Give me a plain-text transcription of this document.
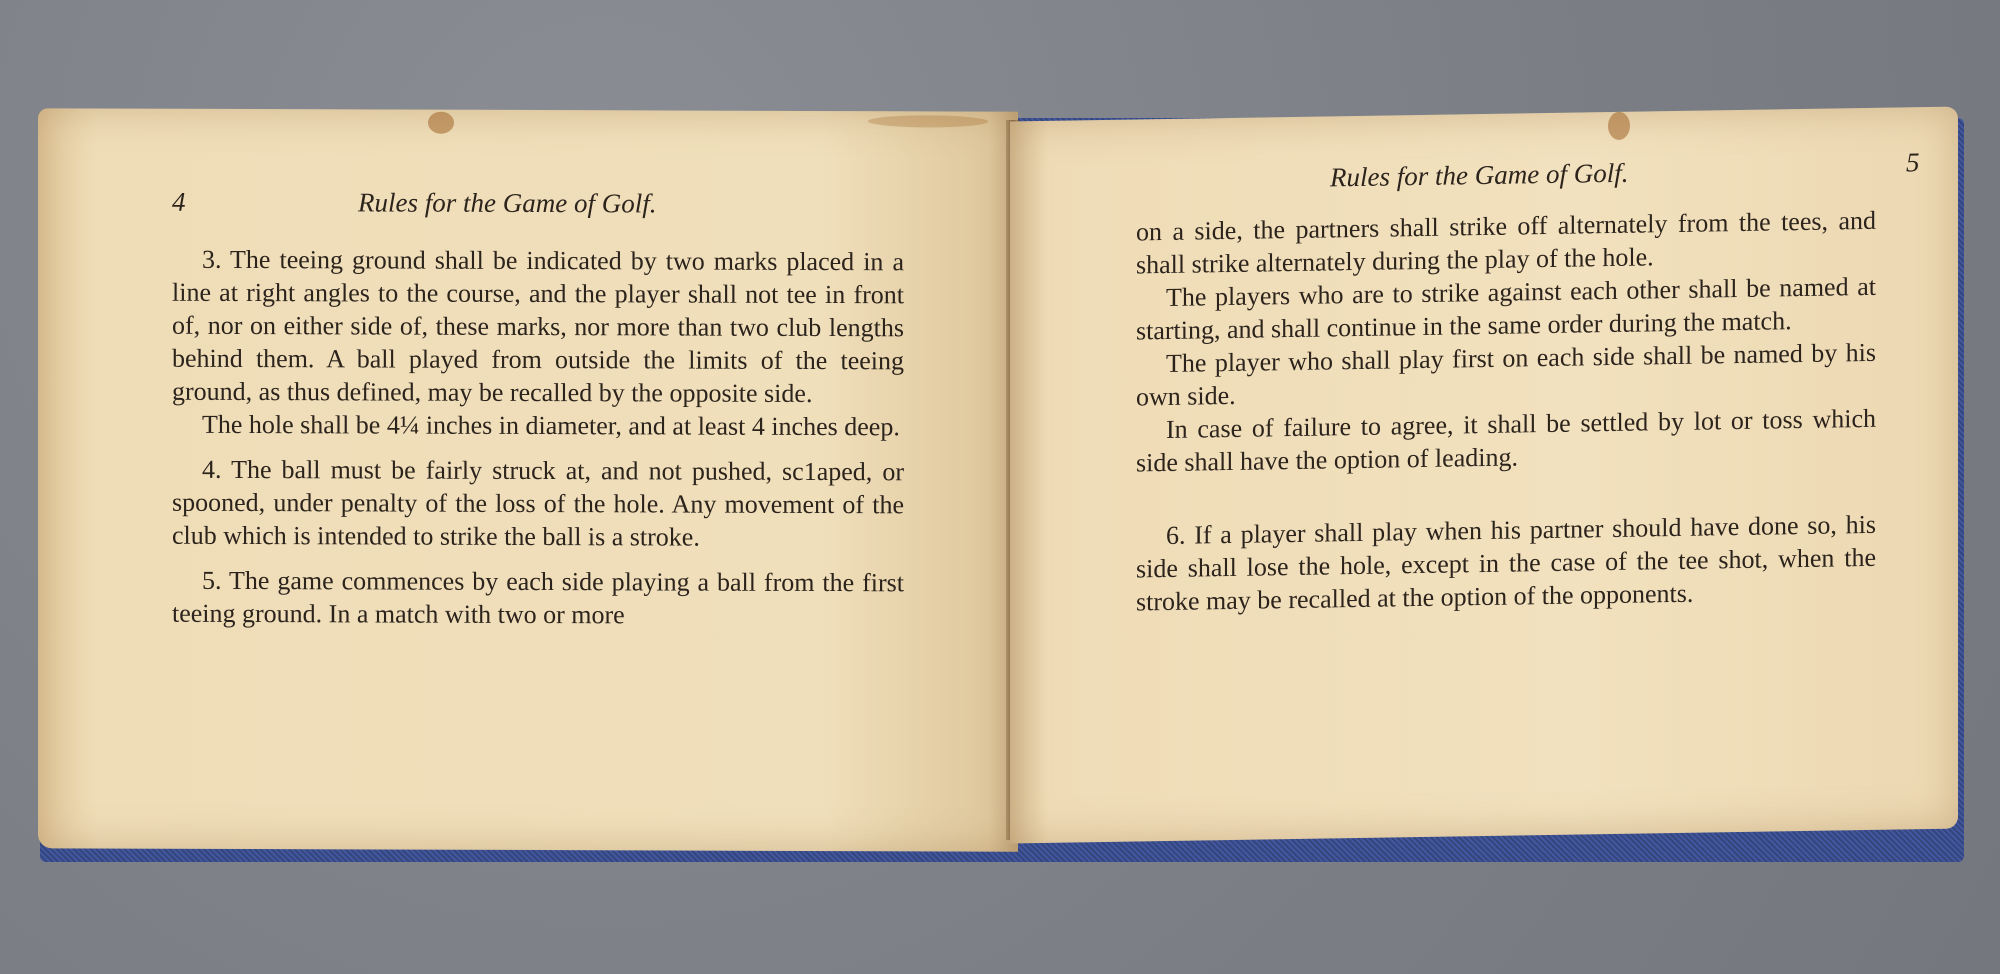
4	Rules for the Game of Golf.

3. The teeing ground shall be indicated by two marks placed in a line at right angles to the course, and the player shall not tee in front of, nor on either side of, these marks, nor more than two club lengths behind them. A ball played from outside the limits of the teeing ground, as thus defined, may be recalled by the opposite side.

The hole shall be 4¼ inches in diameter, and at least 4 inches deep.

4. The ball must be fairly struck at, and not pushed, sc1aped, or spooned, under penalty of the loss of the hole. Any movement of the club which is intended to strike the ball is a stroke.

5. The game commences by each side playing a ball from the first teeing ground. In a match with two or more

Rules for the Game of Golf.	5

on a side, the partners shall strike off alternately from the tees, and shall strike alternately during the play of the hole.

The players who are to strike against each other shall be named at starting, and shall continue in the same order during the match.

The player who shall play first on each side shall be named by his own side.

In case of failure to agree, it shall be settled by lot or toss which side shall have the option of leading.

6. If a player shall play when his partner should have done so, his side shall lose the hole, except in the case of the tee shot, when the stroke may be recalled at the option of the opponents.
